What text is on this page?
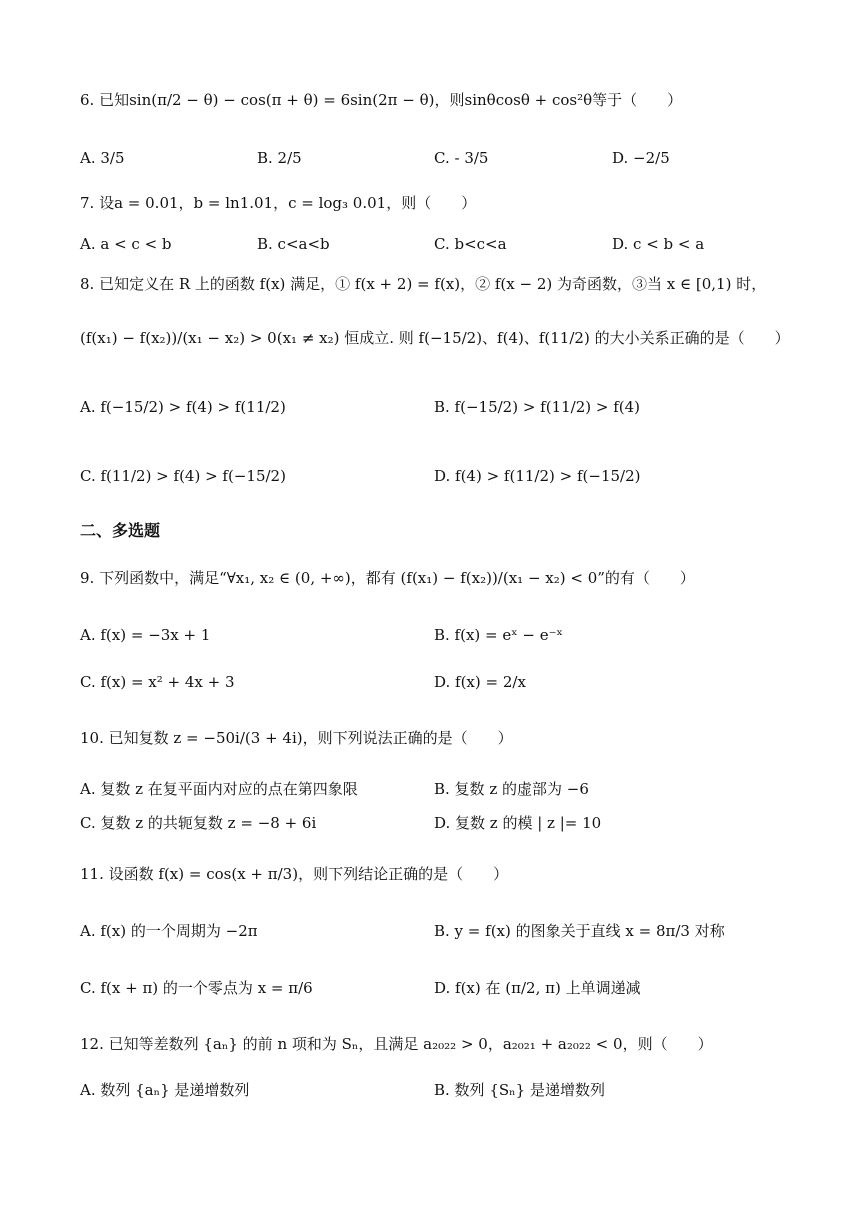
6. 已知sin(π/2 − θ) − cos(π + θ) = 6sin(2π − θ)，则sinθcosθ + cos²θ等于（　　）
A. 3/5	B. 2/5	C. - 3/5	D. −2/5
7. 设a = 0.01，b = ln1.01，c = log₃ 0.01，则（　　）
A. a < c < b	B. c<a<b	C. b<c<a	D. c < b < a
8. 已知定义在 R 上的函数 f(x) 满足，① f(x + 2) = f(x)，② f(x − 2) 为奇函数，③当 x ∈ [0,1) 时，
(f(x₁) − f(x₂))/(x₁ − x₂) > 0(x₁ ≠ x₂) 恒成立. 则 f(−15/2)、f(4)、f(11/2) 的大小关系正确的是（　　）
A. f(−15/2) > f(4) > f(11/2)	B. f(−15/2) > f(11/2) > f(4)
C. f(11/2) > f(4) > f(−15/2)	D. f(4) > f(11/2) > f(−15/2)
二、多选题
9. 下列函数中，满足“∀x₁, x₂ ∈ (0, +∞)，都有 (f(x₁) − f(x₂))/(x₁ − x₂) < 0”的有（　　）
A. f(x) = −3x + 1	B. f(x) = eˣ − e⁻ˣ
C. f(x) = x² + 4x + 3	D. f(x) = 2/x
10. 已知复数 z = −50i/(3 + 4i)，则下列说法正确的是（　　）
A. 复数 z 在复平面内对应的点在第四象限	B. 复数 z 的虚部为 −6
C. 复数 z 的共轭复数 z = −8 + 6i	D. 复数 z 的模 | z |= 10
11. 设函数 f(x) = cos(x + π/3)，则下列结论正确的是（　　）
A. f(x) 的一个周期为 −2π	B. y = f(x) 的图象关于直线 x = 8π/3 对称
C. f(x + π) 的一个零点为 x = π/6	D. f(x) 在 (π/2, π) 上单调递减
12. 已知等差数列 {aₙ} 的前 n 项和为 Sₙ，且满足 a₂₀₂₂ > 0，a₂₀₂₁ + a₂₀₂₂ < 0，则（　　）
A. 数列 {aₙ} 是递增数列	B. 数列 {Sₙ} 是递增数列
